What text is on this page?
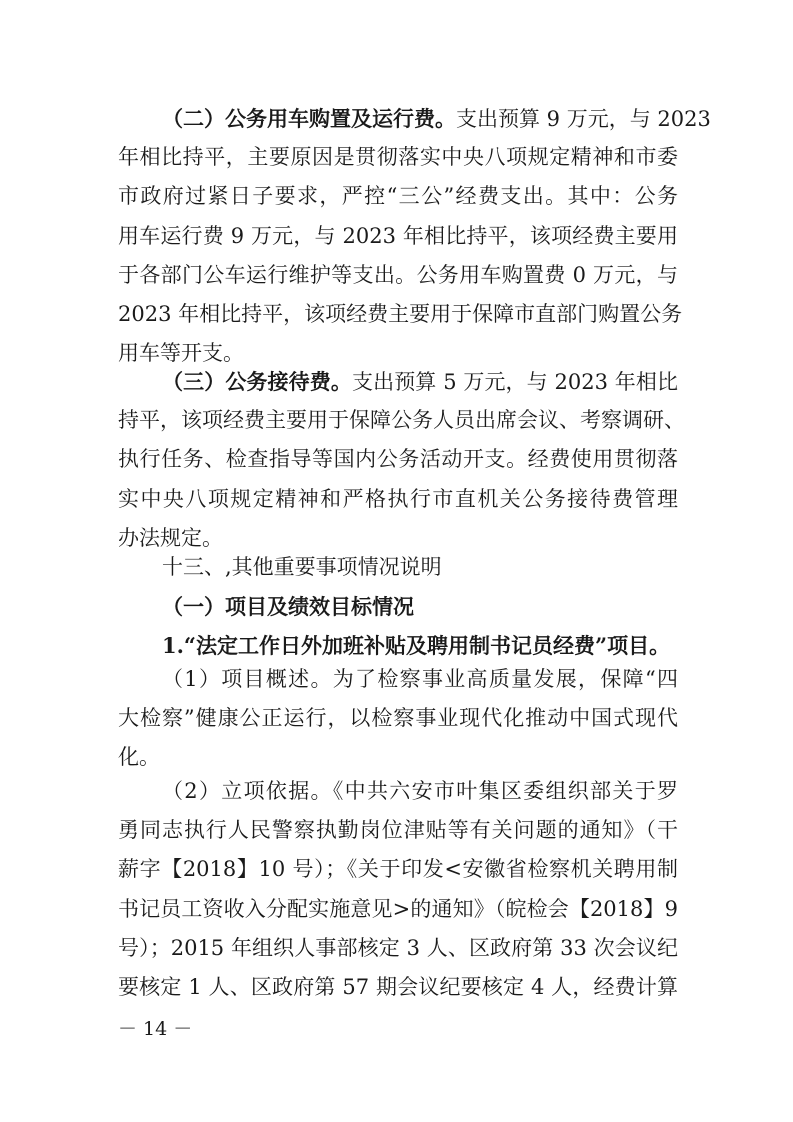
（二）公务用车购置及运行费。支出预算 9 万元，与 2023
年相比持平，主要原因是贯彻落实中央八项规定精神和市委
市政府过紧日子要求，严控“三公”经费支出。其中：公务
用车运行费 9 万元，与 2023 年相比持平，该项经费主要用
于各部门公车运行维护等支出。公务用车购置费 0 万元，与
2023 年相比持平，该项经费主要用于保障市直部门购置公务
用车等开支。
（三）公务接待费。支出预算 5 万元，与 2023 年相比
持平，该项经费主要用于保障公务人员出席会议、考察调研、
执行任务、检查指导等国内公务活动开支。经费使用贯彻落
实中央八项规定精神和严格执行市直机关公务接待费管理
办法规定。
十三、,其他重要事项情况说明
（一）项目及绩效目标情况
1.“法定工作日外加班补贴及聘用制书记员经费”项目。
（1）项目概述。为了检察事业高质量发展，保障“四
大检察”健康公正运行，以检察事业现代化推动中国式现代
化。
（2）立项依据。《中共六安市叶集区委组织部关于罗
勇同志执行人民警察执勤岗位津贴等有关问题的通知》（干
薪字【2018】10 号）；《关于印发<安徽省检察机关聘用制
书记员工资收入分配实施意见>的通知》（皖检会【2018】9
号）；2015 年组织人事部核定 3 人、区政府第 33 次会议纪
要核定 1 人、区政府第 57 期会议纪要核定 4 人，经费计算
－ 14 －
